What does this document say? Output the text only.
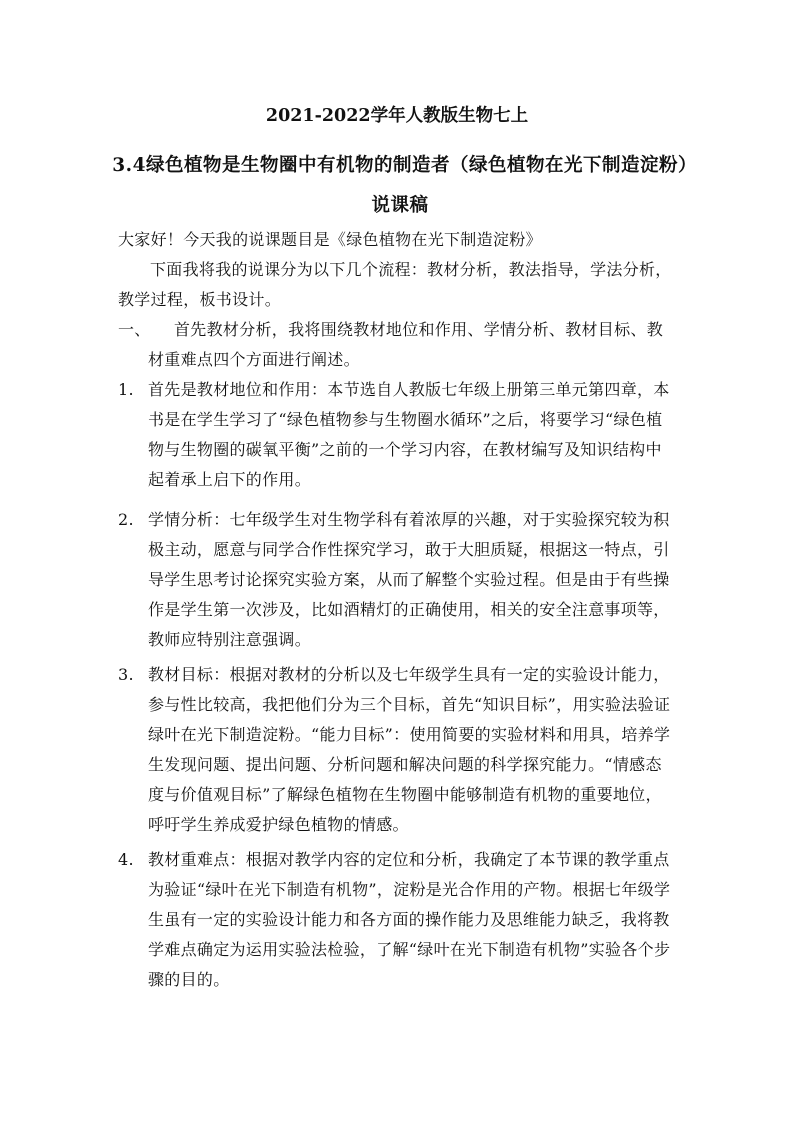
2021-2022学年人教版生物七上
3.4绿色植物是生物圈中有机物的制造者（绿色植物在光下制造淀粉）说课稿
大家好！今天我的说课题目是《绿色植物在光下制造淀粉》
下面我将我的说课分为以下几个流程：教材分析，教法指导，学法分析，教学过程，板书设计。
一、	首先教材分析，我将围绕教材地位和作用、学情分析、教材目标、教材重难点四个方面进行阐述。
1. 首先是教材地位和作用：本节选自人教版七年级上册第三单元第四章，本书是在学生学习了“绿色植物参与生物圈水循环”之后，将要学习“绿色植物与生物圈的碳氧平衡”之前的一个学习内容，在教材编写及知识结构中起着承上启下的作用。
2. 学情分析：七年级学生对生物学科有着浓厚的兴趣，对于实验探究较为积极主动，愿意与同学合作性探究学习，敢于大胆质疑，根据这一特点，引导学生思考讨论探究实验方案，从而了解整个实验过程。但是由于有些操作是学生第一次涉及，比如酒精灯的正确使用，相关的安全注意事项等，教师应特别注意强调。
3. 教材目标：根据对教材的分析以及七年级学生具有一定的实验设计能力，参与性比较高，我把他们分为三个目标，首先“知识目标”，用实验法验证绿叶在光下制造淀粉。“能力目标”：使用简要的实验材料和用具，培养学生发现问题、提出问题、分析问题和解决问题的科学探究能力。“情感态度与价值观目标”了解绿色植物在生物圈中能够制造有机物的重要地位，呼吁学生养成爱护绿色植物的情感。
4. 教材重难点：根据对教学内容的定位和分析，我确定了本节课的教学重点为验证“绿叶在光下制造有机物”，淀粉是光合作用的产物。根据七年级学生虽有一定的实验设计能力和各方面的操作能力及思维能力缺乏，我将教学难点确定为运用实验法检验，了解“绿叶在光下制造有机物”实验各个步骤的目的。
